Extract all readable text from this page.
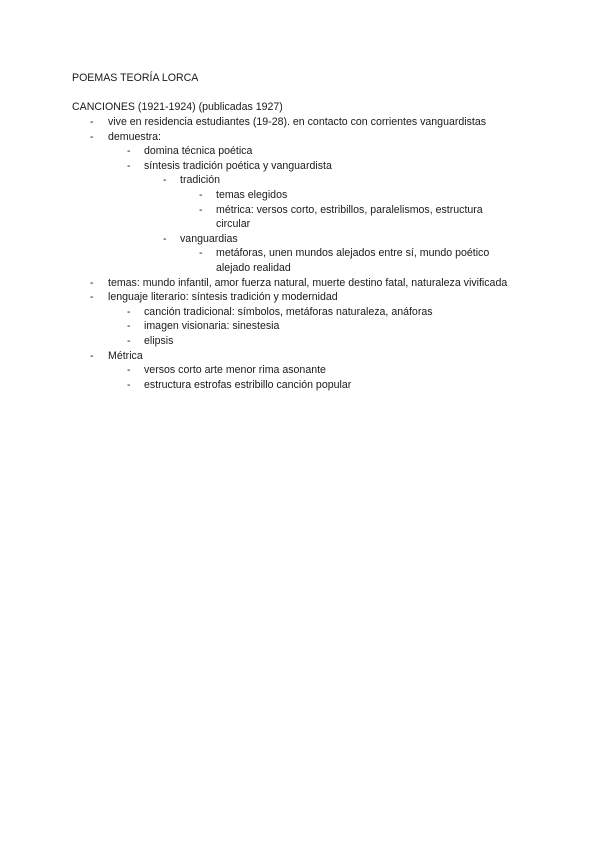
POEMAS TEORÍA LORCA
CANCIONES (1921-1924) (publicadas 1927)
- vive en residencia estudiantes (19-28). en contacto con corrientes vanguardistas
- demuestra:
- domina técnica poética
- síntesis tradición poética y vanguardista
- tradición
- temas elegidos
- métrica: versos corto, estribillos, paralelismos, estructura circular
- vanguardias
- metáforas, unen mundos alejados entre sí, mundo poético alejado realidad
- temas: mundo infantil, amor fuerza natural, muerte destino fatal, naturaleza vivificada
- lenguaje literario: síntesis tradición y modernidad
- canción tradicional: símbolos, metáforas naturaleza, anáforas
- imagen visionaria: sinestesia
- elipsis
- Métrica
- versos corto arte menor rima asonante
- estructura estrofas estribillo canción popular
